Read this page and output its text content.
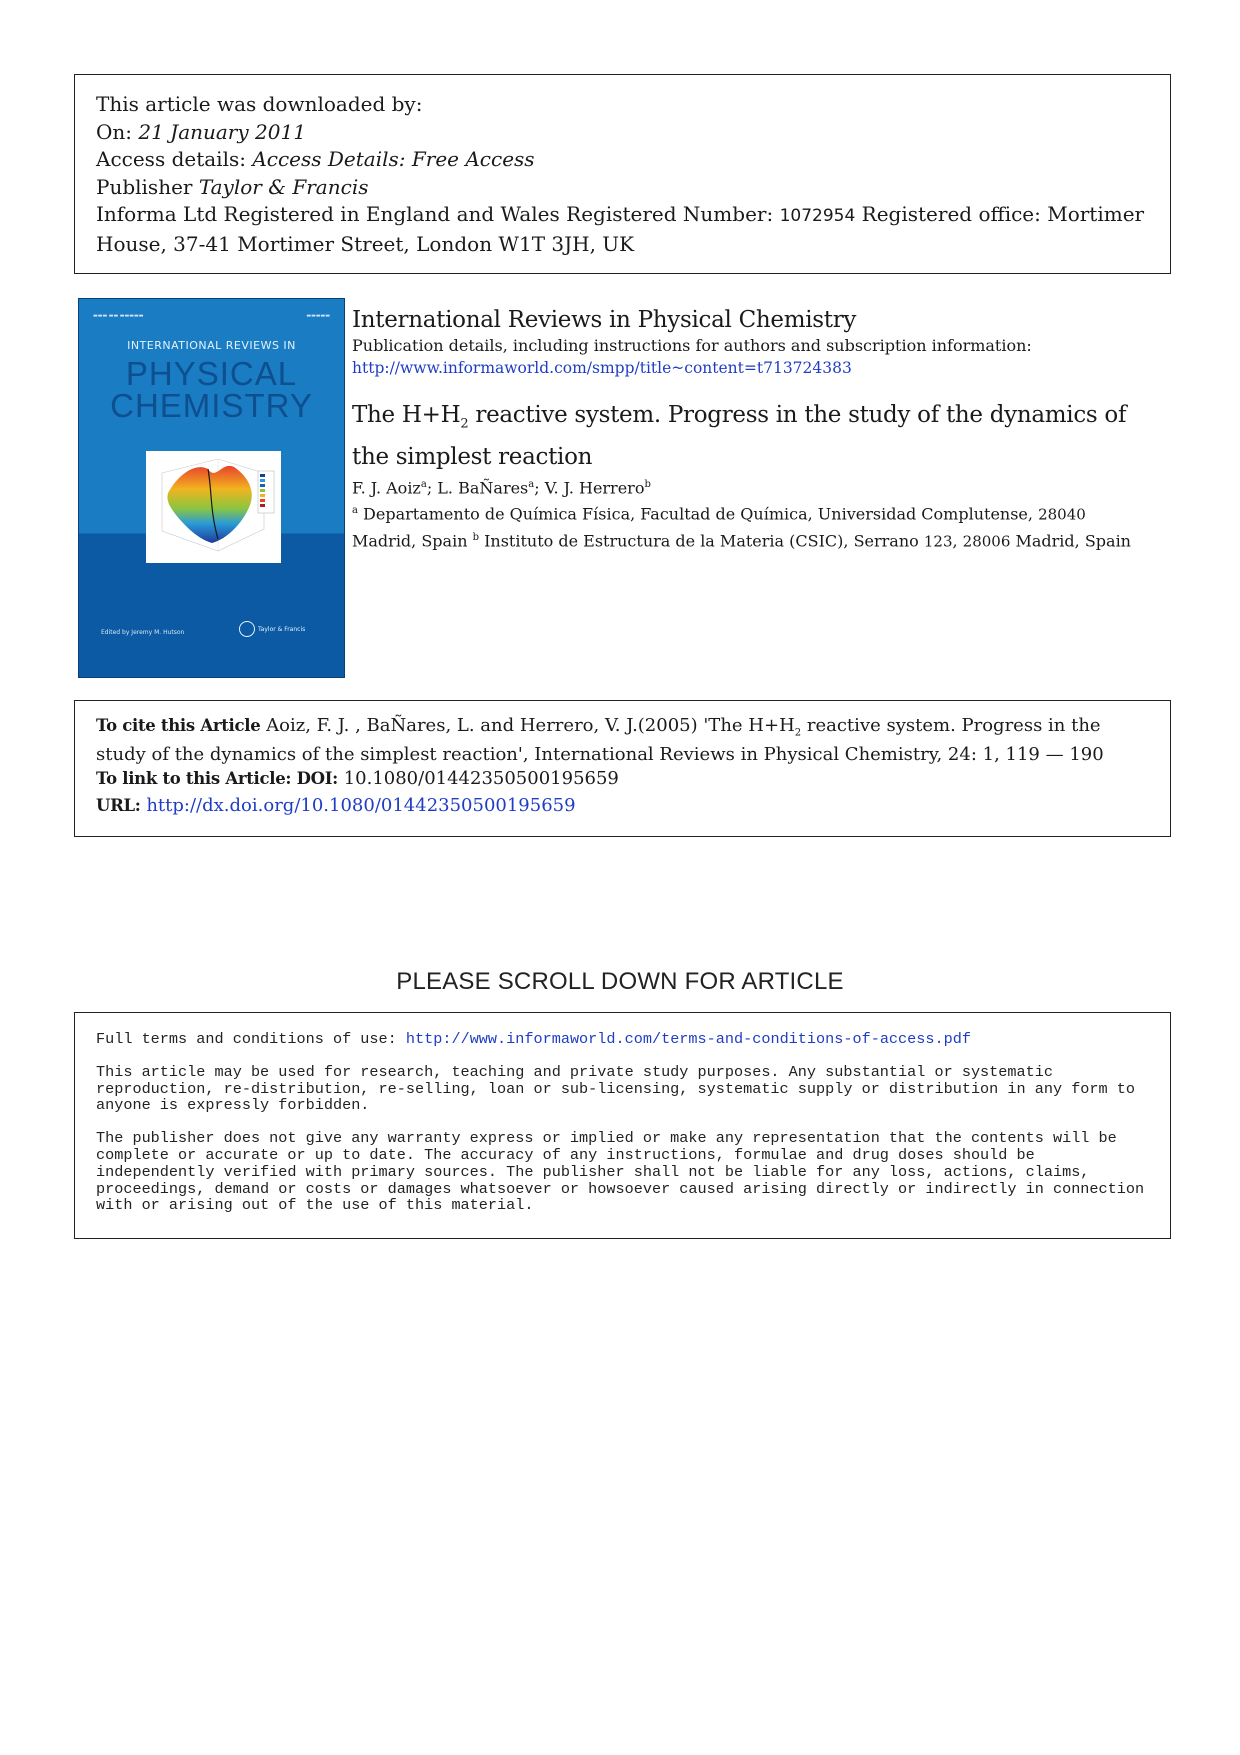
This article was downloaded by:
On: 21 January 2011
Access details: Access Details: Free Access
Publisher Taylor & Francis
Informa Ltd Registered in England and Wales Registered Number: 1072954 Registered office: Mortimer House, 37-41 Mortimer Street, London W1T 3JH, UK
▬▬▬ ▬▬ ▬▬▬▬▬	▬▬▬▬▬
INTERNATIONAL REVIEWS IN
PHYSICAL
CHEMISTRY
Edited by Jeremy M. Hutson	Taylor & Francis
International Reviews in Physical Chemistry

Publication details, including instructions for authors and subscription information:

http://www.informaworld.com/smpp/title~content=t713724383
The $H+H_2$ reactive system. Progress in the study of the dynamics of the simplest reaction

F. J. Aoiz$^a$; L. BaÑares$^a$; V. J. Herrero$^b$

$^a$ Departamento de Química Física, Facultad de Química, Universidad Complutense, 28040 Madrid, Spain $^b$ Instituto de Estructura de la Materia (CSIC), Serrano 123, 28006 Madrid, Spain

To cite this Article Aoiz, F. J. , BaÑares, L. and Herrero, V. J.(2005) 'The $H+H_2$ reactive system. Progress in the study of the dynamics of the simplest reaction', International Reviews in Physical Chemistry, 24: 1, 119 — 190
To link to this Article: DOI: 10.1080/01442350500195659
URL: http://dx.doi.org/10.1080/01442350500195659
PLEASE SCROLL DOWN FOR ARTICLE

Full terms and conditions of use: http://www.informaworld.com/terms-and-conditions-of-access.pdf

This article may be used for research, teaching and private study purposes. Any substantial or systematic reproduction, re-distribution, re-selling, loan or sub-licensing, systematic supply or distribution in any form to anyone is expressly forbidden.

The publisher does not give any warranty express or implied or make any representation that the contents will be complete or accurate or up to date. The accuracy of any instructions, formulae and drug doses should be independently verified with primary sources. The publisher shall not be liable for any loss, actions, claims, proceedings, demand or costs or damages whatsoever or howsoever caused arising directly or indirectly in connection with or arising out of the use of this material.
